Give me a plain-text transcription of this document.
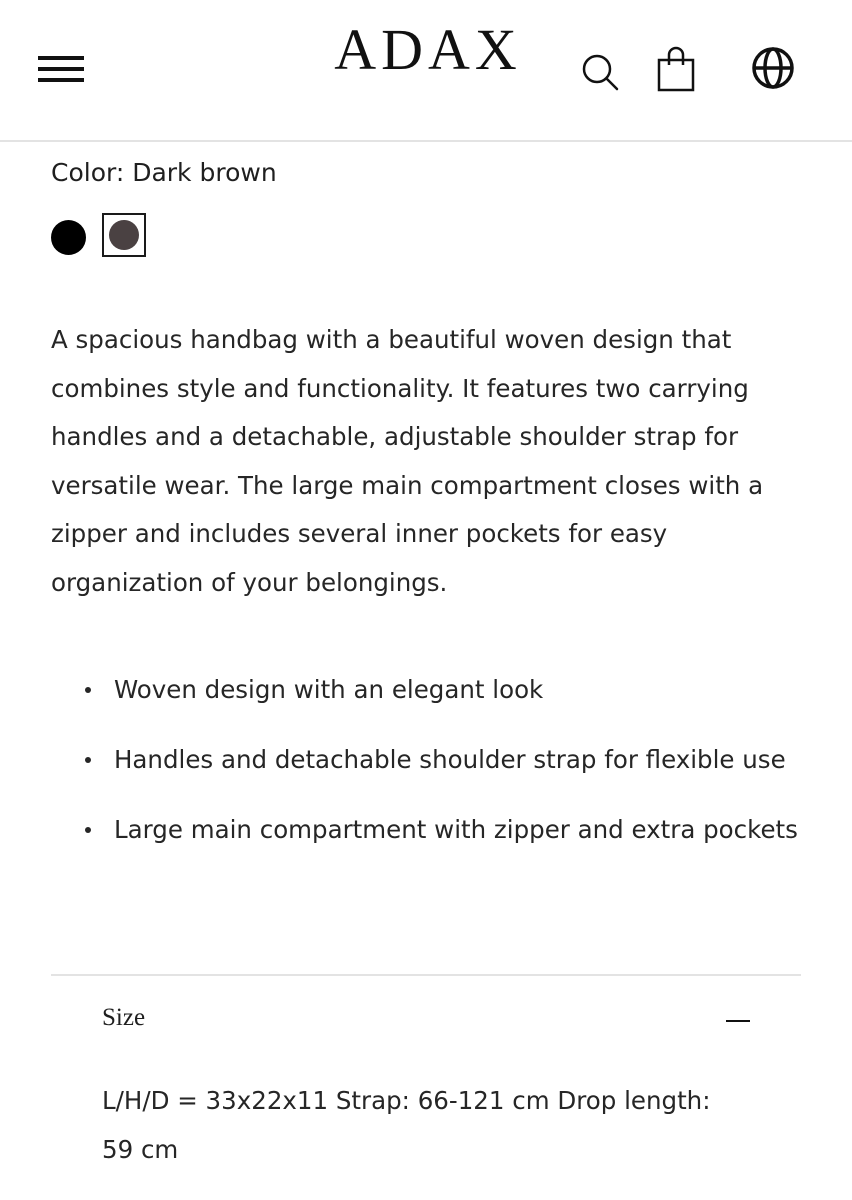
ADAX
Color: Dark brown

A spacious handbag with a beautiful woven design that combines style and functionality. It features two carrying handles and a detachable, adjustable shoulder strap for versatile wear. The large main compartment closes with a zipper and includes several inner pockets for easy organization of your belongings.

Woven design with an elegant look
Handles and detachable shoulder strap for flexible use
Large main compartment with zipper and extra pockets
Size

L/H/D = 33x22x11 Strap: 66-121 cm Drop length: 59 cm
